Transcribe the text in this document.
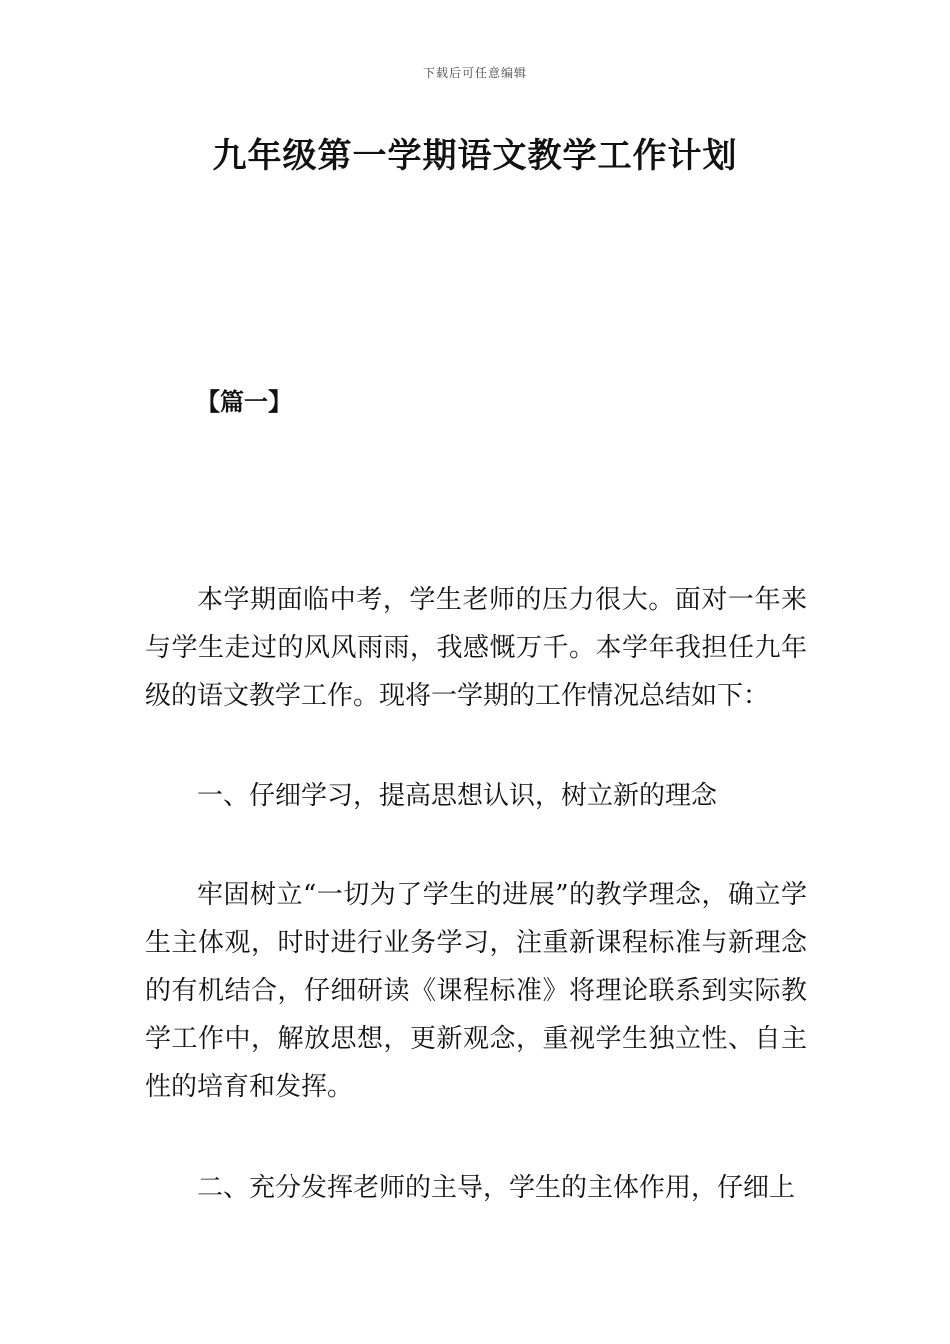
下载后可任意编辑
九年级第一学期语文教学工作计划
【篇一】

本学期面临中考，学生老师的压力很大。面对一年来与学生走过的风风雨雨，我感慨万千。本学年我担任九年级的语文教学工作。现将一学期的工作情况总结如下：

一、仔细学习，提高思想认识，树立新的理念

牢固树立“一切为了学生的进展”的教学理念，确立学生主体观，时时进行业务学习，注重新课程标准与新理念的有机结合，仔细研读《课程标准》将理论联系到实际教学工作中，解放思想，更新观念，重视学生独立性、自主性的培育和发挥。

二、充分发挥老师的主导，学生的主体作用，仔细上
